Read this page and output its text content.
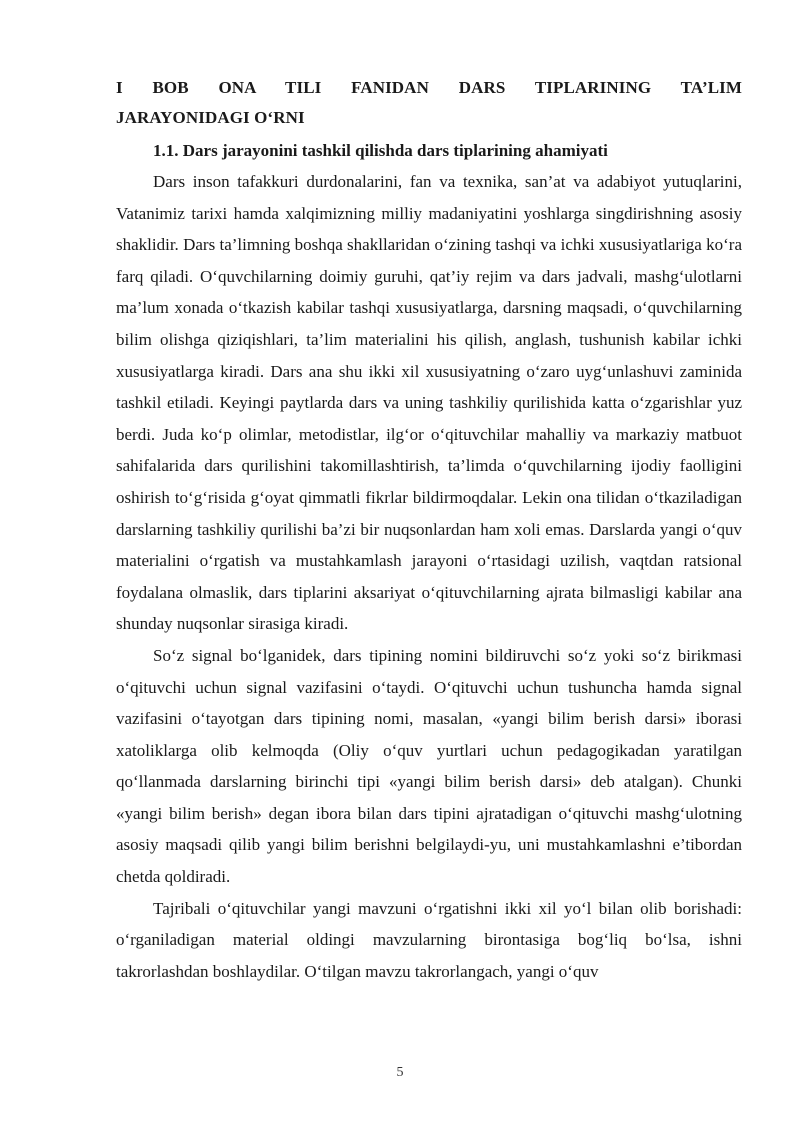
I BOB ONA TILI FANIDAN DARS TIPLARINING TA’LIM
JARAYONIDAGI O‘RNI
1.1. Dars jarayonini tashkil qilishda dars tiplarining ahamiyati

Dars inson tafakkuri durdonalarini, fan va texnika, san’at va adabiyot yutuqlarini, Vatanimiz tarixi hamda xalqimizning milliy madaniyatini yoshlarga singdirishning asosiy shaklidir. Dars ta’limning boshqa shakllaridan o‘zining tashqi va ichki xususiyatlariga ko‘ra farq qiladi. O‘quvchilarning doimiy guruhi, qat’iy rejim va dars jadvali, mashg‘ulotlarni ma’lum xonada o‘tkazish kabilar tashqi xususiyatlarga, darsning maqsadi, o‘quvchilarning bilim olishga qiziqishlari, ta’lim materialini his qilish, anglash, tushunish kabilar ichki xususiyatlarga kiradi. Dars ana shu ikki xil xususiyatning o‘zaro uyg‘unlashuvi zaminida tashkil etiladi. Keyingi paytlarda dars va uning tashkiliy qurilishida katta o‘zgarishlar yuz berdi. Juda ko‘p olimlar, metodistlar, ilg‘or o‘qituvchilar mahalliy va markaziy matbuot sahifalarida dars qurilishini takomillashtirish, ta’limda o‘quvchilarning ijodiy faolligini oshirish to‘g‘risida g‘oyat qimmatli fikrlar bildirmoqdalar. Lekin ona tilidan o‘tkaziladigan darslarning tashkiliy qurilishi ba’zi bir nuqsonlardan ham xoli emas. Darslarda yangi o‘quv materialini o‘rgatish va mustahkamlash jarayoni o‘rtasidagi uzilish, vaqtdan ratsional foydalana olmaslik, dars tiplarini aksariyat o‘qituvchilarning ajrata bilmasligi kabilar ana shunday nuqsonlar sirasiga kiradi.

So‘z signal bo‘lganidek, dars tipining nomini bildiruvchi so‘z yoki so‘z birikmasi o‘qituvchi uchun signal vazifasini o‘taydi. O‘qituvchi uchun tushuncha hamda signal vazifasini o‘tayotgan dars tipining nomi, masalan, «yangi bilim berish darsi» iborasi xatoliklarga olib kelmoqda (Oliy o‘quv yurtlari uchun pedagogikadan yaratilgan qo‘llanmada darslarning birinchi tipi «yangi bilim berish darsi» deb atalgan). Chunki «yangi bilim berish» degan ibora bilan dars tipini ajratadigan o‘qituvchi mashg‘ulotning asosiy maqsadi qilib yangi bilim berishni belgilaydi-yu, uni mustahkamlashni e’tibordan chetda qoldiradi.

Tajribali o‘qituvchilar yangi mavzuni o‘rgatishni ikki xil yo‘l bilan olib borishadi: o‘rganiladigan material oldingi mavzularning birontasiga bog‘liq bo‘lsa, ishni takrorlashdan boshlaydilar. O‘tilgan mavzu takrorlangach, yangi o‘quv

5
